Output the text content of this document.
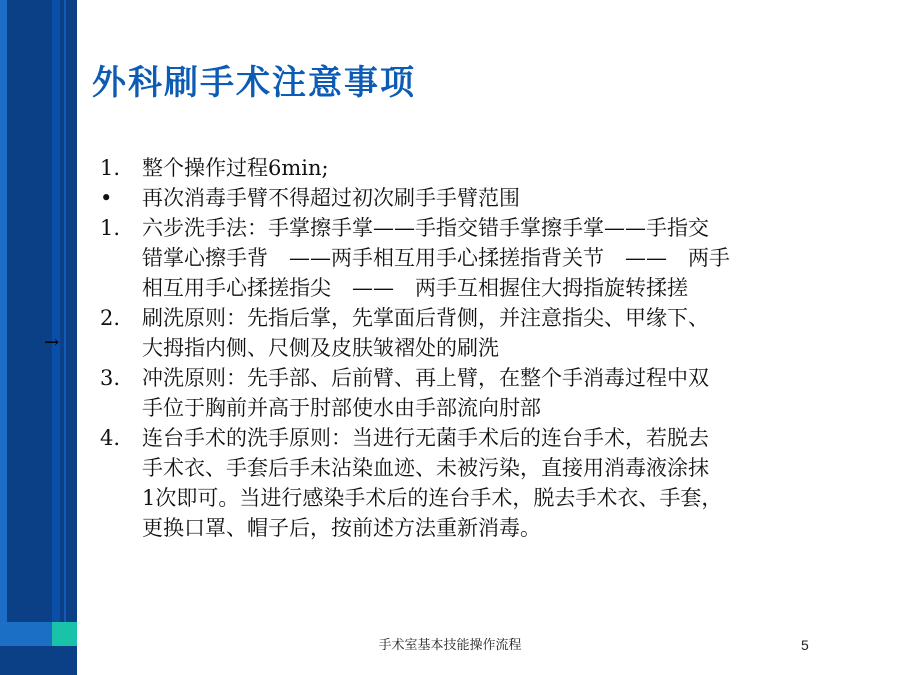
外科刷手术注意事项
→
1.	整个操作过程6min;
•	再次消毒手臂不得超过初次刷手手臂范围
1.	六步洗手法：手掌擦手掌——手指交错手掌擦手掌——手指交
错掌心擦手背　——两手相互用手心揉搓指背关节　——　两手
相互用手心揉搓指尖　——　两手互相握住大拇指旋转揉搓
2.	刷洗原则：先指后掌，先掌面后背侧，并注意指尖、甲缘下、
大拇指内侧、尺侧及皮肤皱褶处的刷洗
3.	冲洗原则：先手部、后前臂、再上臂，在整个手消毒过程中双
手位于胸前并高于肘部使水由手部流向肘部
4.	连台手术的洗手原则：当进行无菌手术后的连台手术，若脱去
手术衣、手套后手未沾染血迹、未被污染，直接用消毒液涂抹
1次即可。当进行感染手术后的连台手术，脱去手术衣、手套，
更换口罩、帽子后，按前述方法重新消毒。
手术室基本技能操作流程	5
